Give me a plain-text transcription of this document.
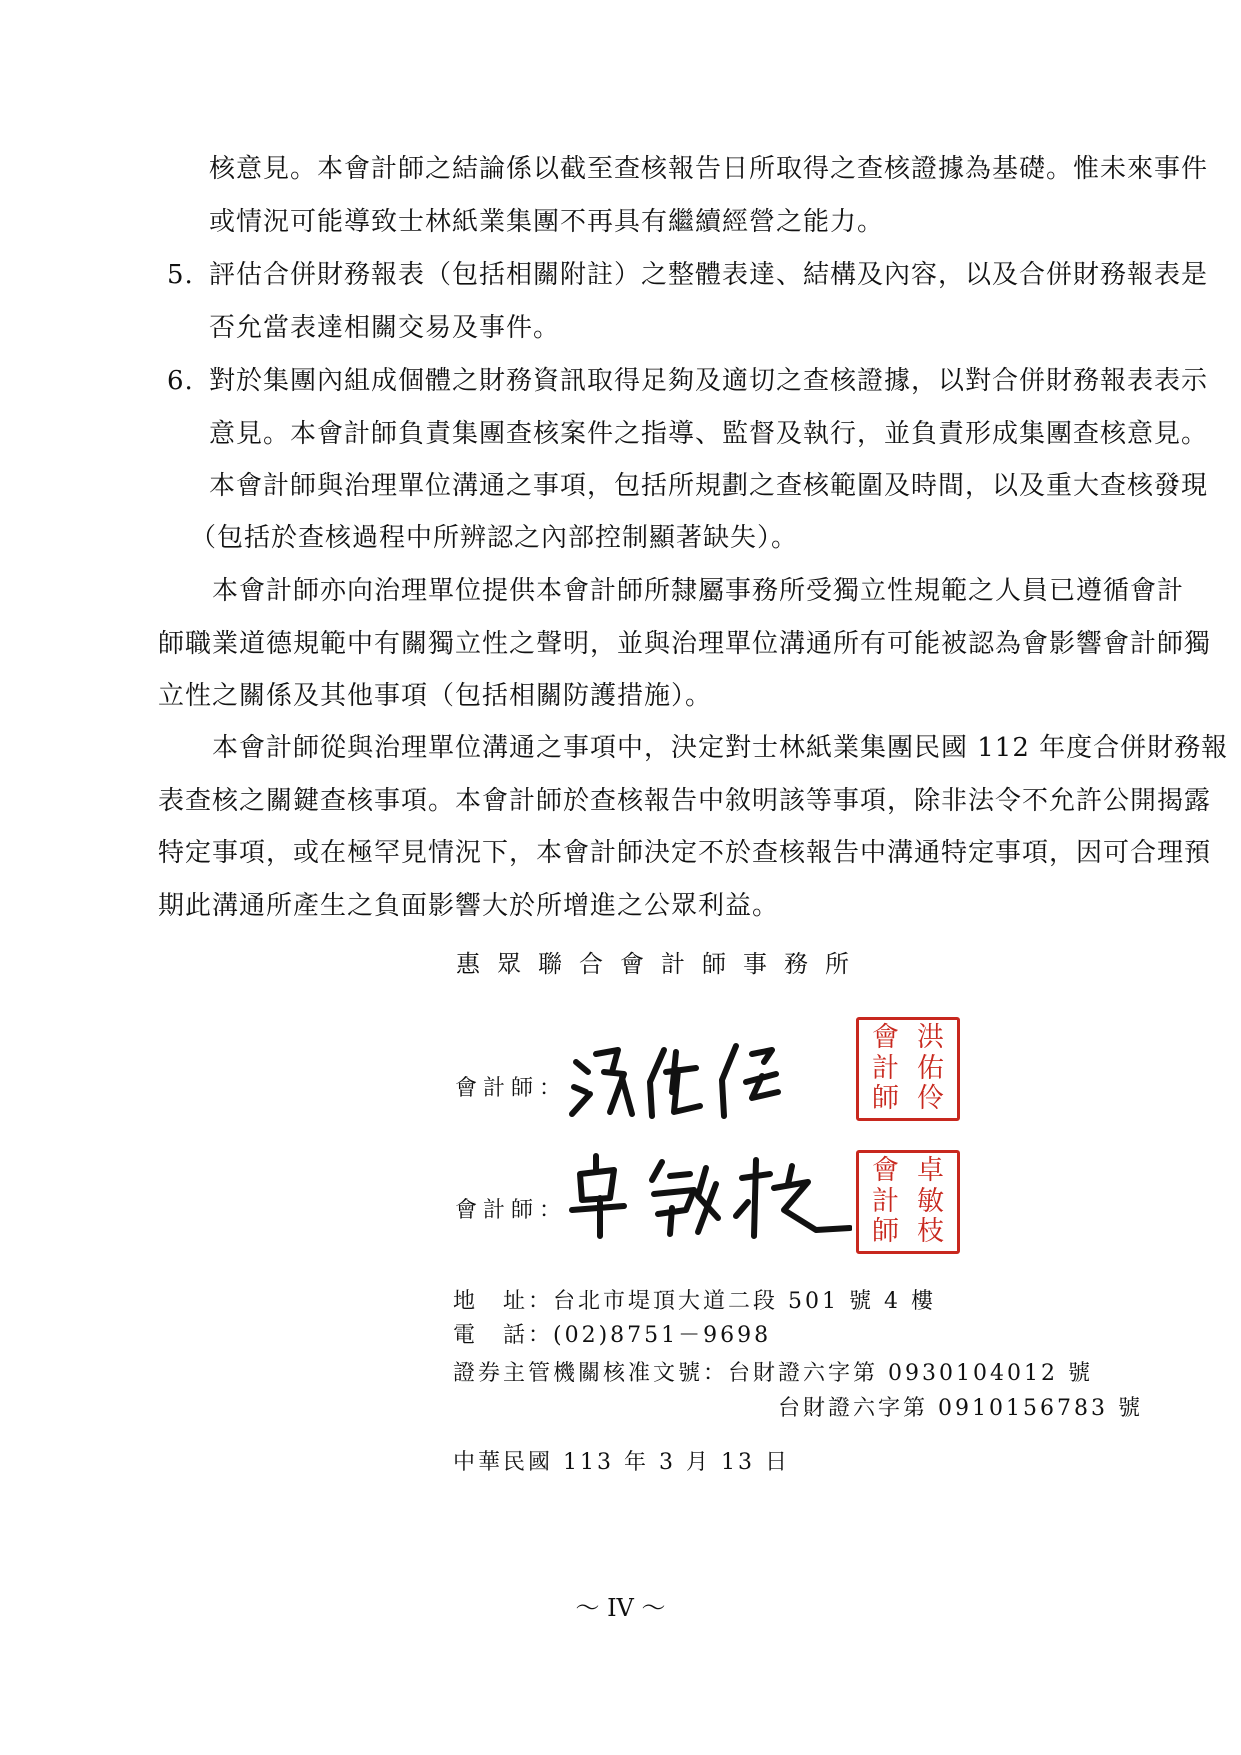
核意見。本會計師之結論係以截至查核報告日所取得之查核證據為基礎。惟未來事件
或情況可能導致士林紙業集團不再具有繼續經營之能力。
5. 評估合併財務報表（包括相關附註）之整體表達、結構及內容，以及合併財務報表是
否允當表達相關交易及事件。
6. 對於集團內組成個體之財務資訊取得足夠及適切之查核證據，以對合併財務報表表示
意見。本會計師負責集團查核案件之指導、監督及執行，並負責形成集團查核意見。
本會計師與治理單位溝通之事項，包括所規劃之查核範圍及時間，以及重大查核發現
（包括於查核過程中所辨認之內部控制顯著缺失）。
本會計師亦向治理單位提供本會計師所隸屬事務所受獨立性規範之人員已遵循會計
師職業道德規範中有關獨立性之聲明，並與治理單位溝通所有可能被認為會影響會計師獨
立性之關係及其他事項（包括相關防護措施）。
本會計師從與治理單位溝通之事項中，決定對士林紙業集團民國 112 年度合併財務報
表查核之關鍵查核事項。本會計師於查核報告中敘明該等事項，除非法令不允許公開揭露
特定事項，或在極罕見情況下，本會計師決定不於查核報告中溝通特定事項，因可合理預
期此溝通所產生之負面影響大於所增進之公眾利益。
惠眾聯合會計師事務所
會計師：
會
計
師
洪
佑
伶
會計師：
會
計
師
卓
敏
枝
地　址：台北市堤頂大道二段 501 號 4 樓
電　話：(02)8751－9698
證券主管機關核准文號：台財證六字第 0930104012 號
台財證六字第 0910156783 號
中華民國 113 年 3 月 13 日
～ IV ～
